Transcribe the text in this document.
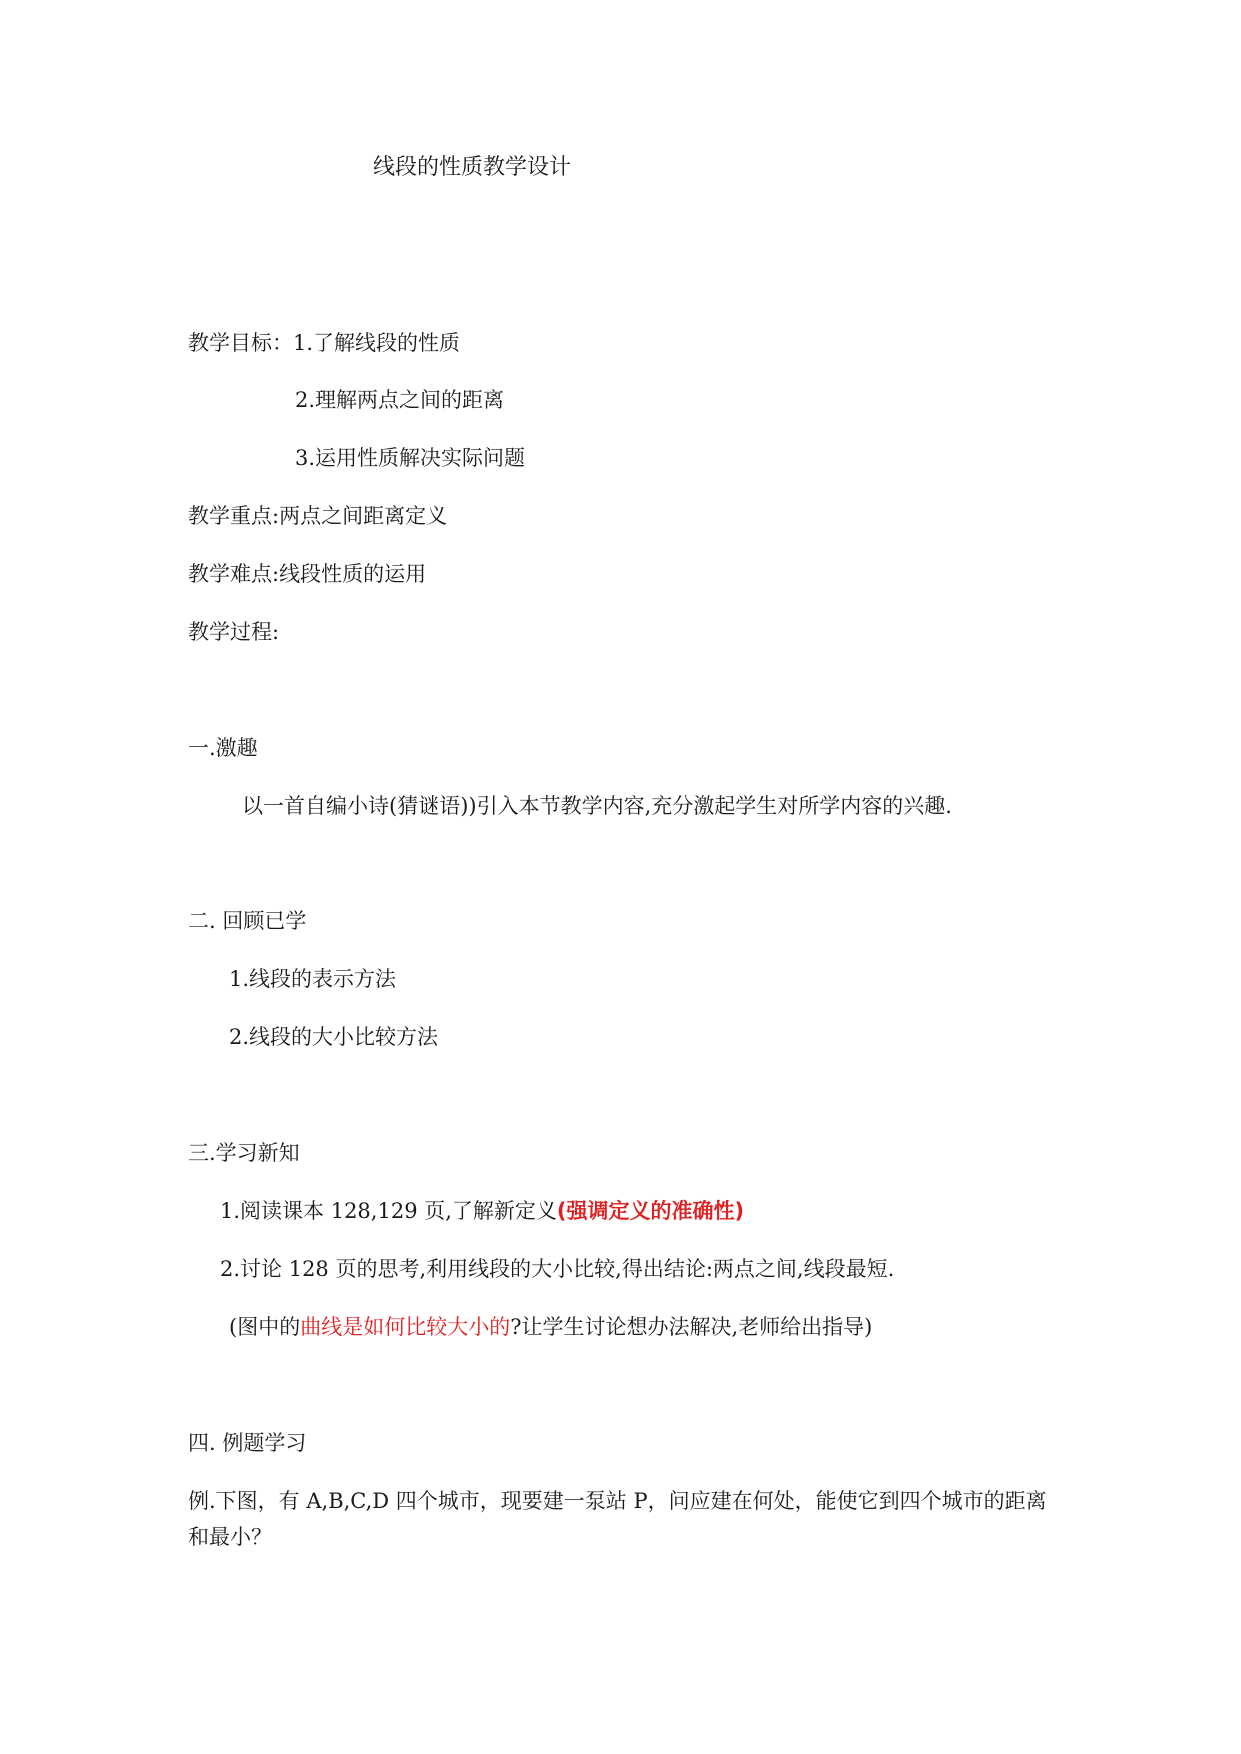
线段的性质教学设计
教学目标：1.了解线段的性质
2.理解两点之间的距离
3.运用性质解决实际问题
教学重点:两点之间距离定义
教学难点:线段性质的运用
教学过程:
一.激趣
以一首自编小诗(猜谜语))引入本节教学内容,充分激起学生对所学内容的兴趣.
二. 回顾已学
1.线段的表示方法
2.线段的大小比较方法
三.学习新知
1.阅读课本 128,129 页,了解新定义(强调定义的准确性)
2.讨论 128 页的思考,利用线段的大小比较,得出结论:两点之间,线段最短.
(图中的曲线是如何比较大小的?让学生讨论想办法解决,老师给出指导)
四. 例题学习
例.下图，有 A,B,C,D 四个城市，现要建一泵站 P，问应建在何处，能使它到四个城市的距离
和最小？
